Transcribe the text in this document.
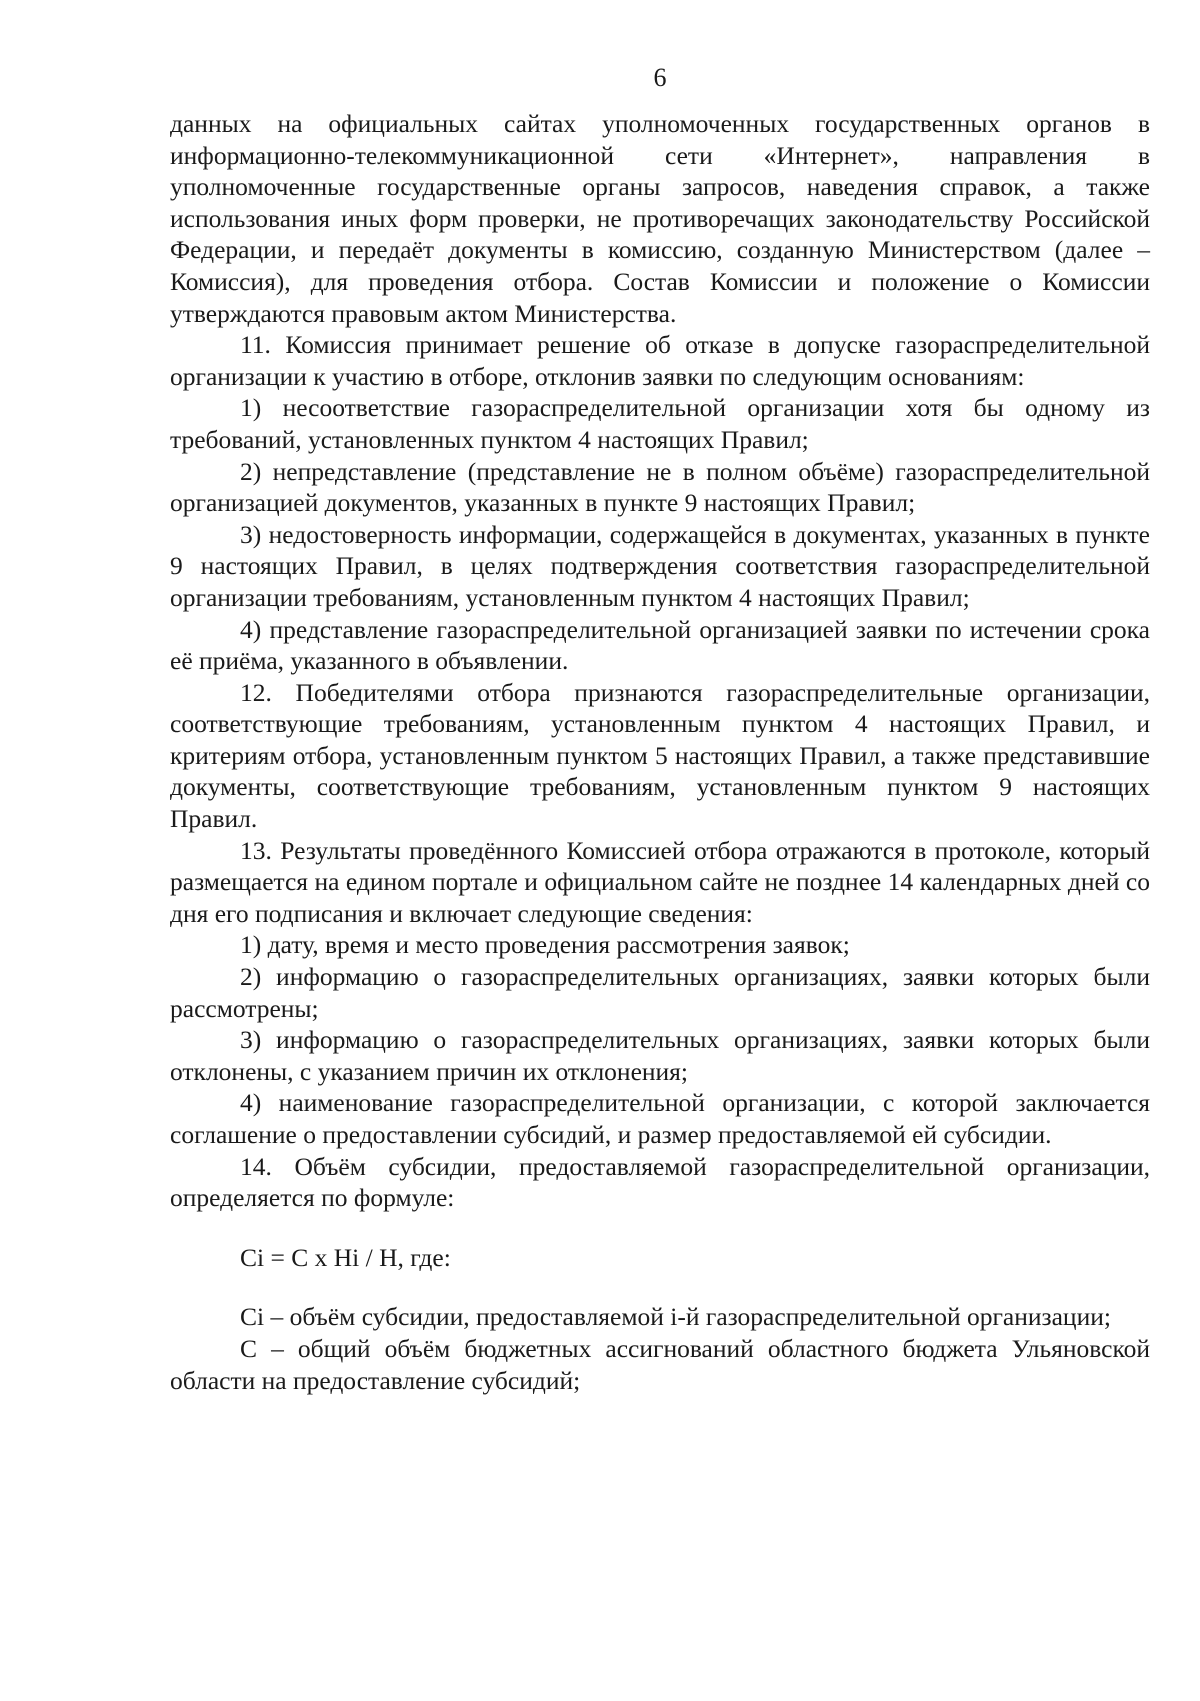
6

данных на официальных сайтах уполномоченных государственных органов в информационно-телекоммуникационной сети «Интернет», направления в уполномоченные государственные органы запросов, наведения справок, а также использования иных форм проверки, не противоречащих законодательству Российской Федерации, и передаёт документы в комиссию, созданную Министерством (далее – Комиссия), для проведения отбора. Состав Комиссии и положение о Комиссии утверждаются правовым актом Министерства.

11. Комиссия принимает решение об отказе в допуске газораспределительной организации к участию в отборе, отклонив заявки по следующим основаниям:

1) несоответствие газораспределительной организации хотя бы одному из требований, установленных пунктом 4 настоящих Правил;

2) непредставление (представление не в полном объёме) газораспределительной организацией документов, указанных в пункте 9 настоящих Правил;

3) недостоверность информации, содержащейся в документах, указанных в пункте 9 настоящих Правил, в целях подтверждения соответствия газораспределительной организации требованиям, установленным пунктом 4 настоящих Правил;

4) представление газораспределительной организацией заявки по истечении срока её приёма, указанного в объявлении.

12. Победителями отбора признаются газораспределительные организации, соответствующие требованиям, установленным пунктом 4 настоящих Правил, и критериям отбора, установленным пунктом 5 настоящих Правил, а также представившие документы, соответствующие требованиям, установленным пунктом 9 настоящих Правил.

13. Результаты проведённого Комиссией отбора отражаются в протоколе, который размещается на едином портале и официальном сайте не позднее 14 календарных дней со дня его подписания и включает следующие сведения:

1) дату, время и место проведения рассмотрения заявок;

2) информацию о газораспределительных организациях, заявки которых были рассмотрены;

3) информацию о газораспределительных организациях, заявки которых были отклонены, с указанием причин их отклонения;

4) наименование газораспределительной организации, с которой заключается соглашение о предоставлении субсидий, и размер предоставляемой ей субсидии.

14. Объём субсидии, предоставляемой газораспределительной организации, определяется по формуле:

Ci = C x Hi / H, где:

Ci – объём субсидии, предоставляемой i-й газораспределительной организации;

С – общий объём бюджетных ассигнований областного бюджета Ульяновской области на предоставление субсидий;
